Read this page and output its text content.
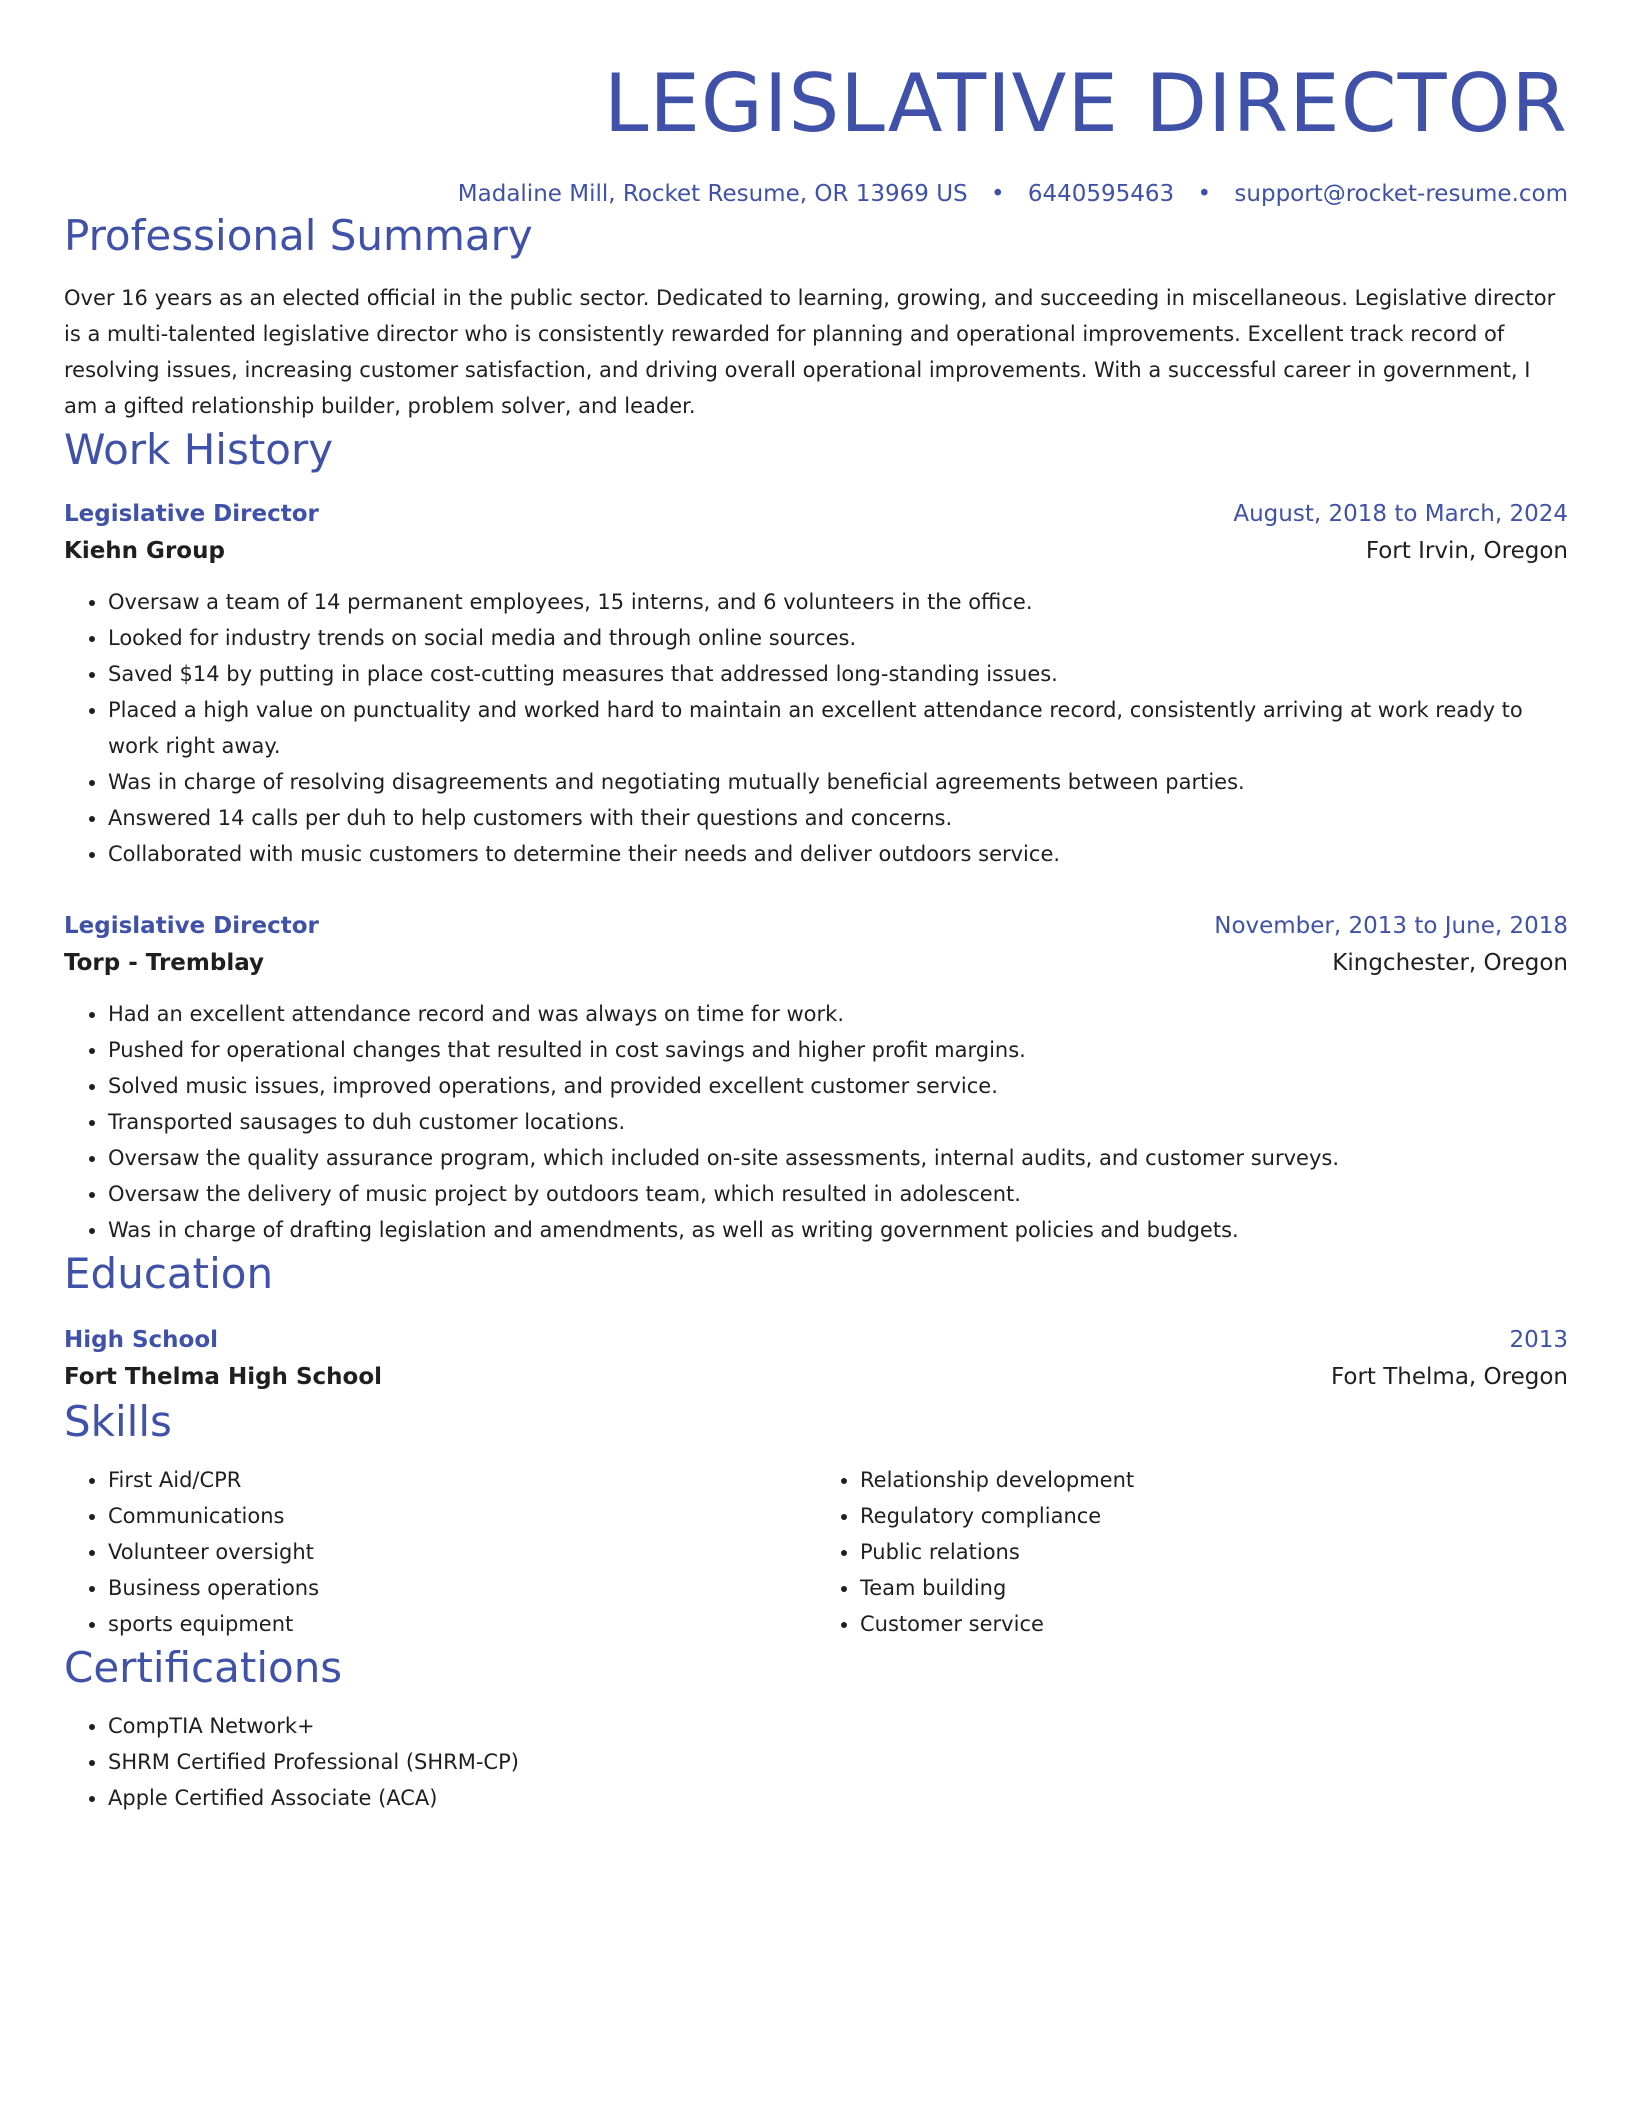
LEGISLATIVE DIRECTOR
Madaline Mill, Rocket Resume, OR 13969 US • 6440595463 • support@rocket-resume.com
Professional Summary
Over 16 years as an elected official in the public sector. Dedicated to learning, growing, and succeeding in miscellaneous. Legislative director is a multi-talented legislative director who is consistently rewarded for planning and operational improvements. Excellent track record of resolving issues, increasing customer satisfaction, and driving overall operational improvements. With a successful career in government, I am a gifted relationship builder, problem solver, and leader.
Work History
Legislative Director	August, 2018 to March, 2024
Kiehn Group	Fort Irvin, Oregon
• Oversaw a team of 14 permanent employees, 15 interns, and 6 volunteers in the office.
• Looked for industry trends on social media and through online sources.
• Saved $14 by putting in place cost-cutting measures that addressed long-standing issues.
• Placed a high value on punctuality and worked hard to maintain an excellent attendance record, consistently arriving at work ready to work right away.
• Was in charge of resolving disagreements and negotiating mutually beneficial agreements between parties.
• Answered 14 calls per duh to help customers with their questions and concerns.
• Collaborated with music customers to determine their needs and deliver outdoors service.
Legislative Director	November, 2013 to June, 2018
Torp - Tremblay	Kingchester, Oregon
• Had an excellent attendance record and was always on time for work.
• Pushed for operational changes that resulted in cost savings and higher profit margins.
• Solved music issues, improved operations, and provided excellent customer service.
• Transported sausages to duh customer locations.
• Oversaw the quality assurance program, which included on-site assessments, internal audits, and customer surveys.
• Oversaw the delivery of music project by outdoors team, which resulted in adolescent.
• Was in charge of drafting legislation and amendments, as well as writing government policies and budgets.
Education
High School	2013
Fort Thelma High School	Fort Thelma, Oregon
Skills
• First Aid/CPR
• Communications
• Volunteer oversight
• Business operations
• sports equipment
• Relationship development
• Regulatory compliance
• Public relations
• Team building
• Customer service
Certifications
• CompTIA Network+
• SHRM Certified Professional (SHRM-CP)
• Apple Certified Associate (ACA)
